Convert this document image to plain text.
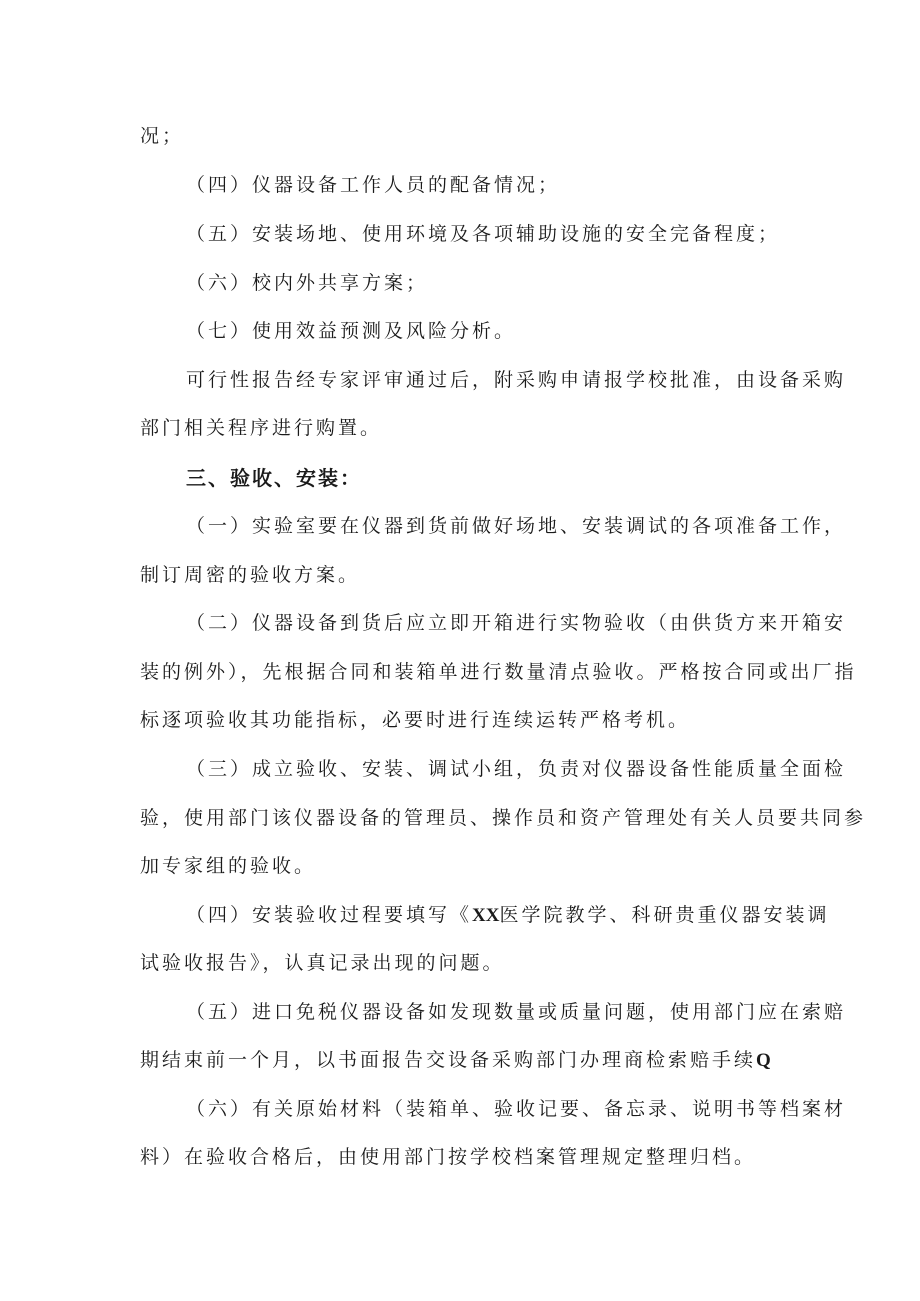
况；
（四）仪器设备工作人员的配备情况；
（五）安装场地、使用环境及各项辅助设施的安全完备程度；
（六）校内外共享方案；
（七）使用效益预测及风险分析。
可行性报告经专家评审通过后，附采购申请报学校批准，由设备采购
部门相关程序进行购置。
三、验收、安装：
（一）实验室要在仪器到货前做好场地、安装调试的各项准备工作，
制订周密的验收方案。
（二）仪器设备到货后应立即开箱进行实物验收（由供货方来开箱安
装的例外），先根据合同和装箱单进行数量清点验收。严格按合同或出厂指
标逐项验收其功能指标，必要时进行连续运转严格考机。
（三）成立验收、安装、调试小组，负责对仪器设备性能质量全面检
验，使用部门该仪器设备的管理员、操作员和资产管理处有关人员要共同参
加专家组的验收。
（四）安装验收过程要填写《XX医学院教学、科研贵重仪器安装调
试验收报告》，认真记录出现的问题。
（五）进口免税仪器设备如发现数量或质量问题，使用部门应在索赔
期结束前一个月，以书面报告交设备采购部门办理商检索赔手续Q
（六）有关原始材料（装箱单、验收记要、备忘录、说明书等档案材
料）在验收合格后，由使用部门按学校档案管理规定整理归档。
